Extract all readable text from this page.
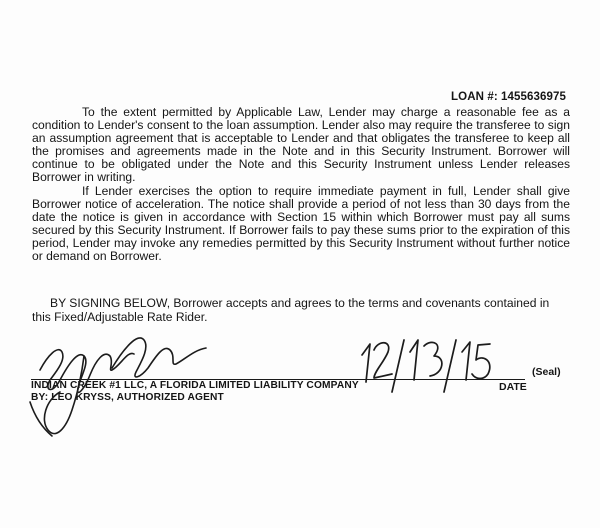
LOAN #: 1455636975

To the extent permitted by Applicable Law, Lender may charge a reasonable fee as a condition to Lender's consent to the loan assumption. Lender also may require the transferee to sign an assumption agreement that is acceptable to Lender and that obligates the transferee to keep all the promises and agreements made in the Note and in this Security Instrument. Borrower will continue to be obligated under the Note and this Security Instrument unless Lender releases Borrower in writing.

If Lender exercises the option to require immediate payment in full, Lender shall give Borrower notice of acceleration. The notice shall provide a period of not less than 30 days from the date the notice is given in accordance with Section 15 within which Borrower must pay all sums secured by this Security Instrument. If Borrower fails to pay these sums prior to the expiration of this period, Lender may invoke any remedies permitted by this Security Instrument without further notice or demand on Borrower.

BY SIGNING BELOW, Borrower accepts and agrees to the terms and covenants contained in this Fixed/Adjustable Rate Rider.

(Seal)
INDIAN CREEK #1 LLC, A FLORIDA LIMITED LIABILITY COMPANY
BY: LEO KRYSS, AUTHORIZED AGENT
DATE
